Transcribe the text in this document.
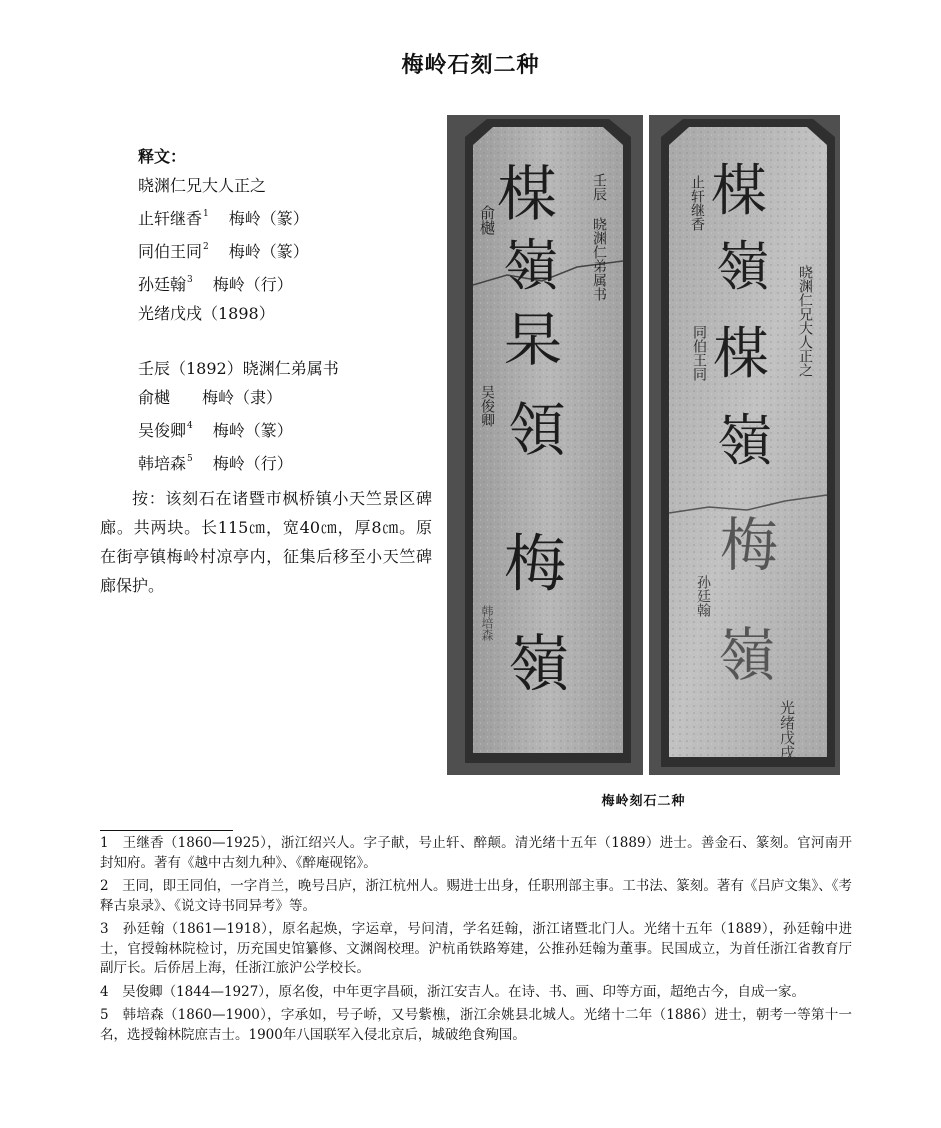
梅岭石刻二种
释文：
晓渊仁兄大人正之
止轩继香$^1$ 梅岭（篆）
同伯王同$^2$ 梅岭（篆）
孙廷翰$^3$ 梅岭（行）
光绪戊戌（1898）
壬辰（1892）晓渊仁弟属书
俞樾 梅岭（隶）
吴俊卿$^4$ 梅岭（篆）
韩培森$^5$ 梅岭（行）
按：该刻石在诸暨市枫桥镇小天竺景区碑廊。共两块。长115㎝，宽40㎝，厚8㎝。原在街亭镇梅岭村凉亭内，征集后移至小天竺碑廊保护。
楳
嶺
杲
領
梅
嶺
壬辰 晓渊仁弟属书
俞樾
吴俊卿
韩培森
楳
嶺
楳
嶺
梅
嶺
止轩继香
同伯王同	晓渊仁兄大人正之
孙廷翰
光绪戊戌
梅岭刻石二种

1　王继香（1860—1925），浙江绍兴人。字子献，号止轩、醉颠。清光绪十五年（1889）进士。善金石、篆刻。官河南开封知府。著有《越中古刻九种》、《醉庵砚铭》。

2　王同，即王同伯，一字肖兰，晚号吕庐，浙江杭州人。赐进士出身，任职刑部主事。工书法、篆刻。著有《吕庐文集》、《考释古泉录》、《说文诗书同异考》等。

3　孙廷翰（1861—1918），原名起焕，字运章，号问清，学名廷翰，浙江诸暨北门人。光绪十五年（1889），孙廷翰中进士，官授翰林院检讨，历充国史馆纂修、文渊阁校理。沪杭甬铁路筹建，公推孙廷翰为董事。民国成立，为首任浙江省教育厅副厅长。后侨居上海，任浙江旅沪公学校长。

4　吴俊卿（1844—1927），原名俊，中年更字昌硕，浙江安吉人。在诗、书、画、印等方面，超绝古今，自成一家。

5　韩培森（1860—1900），字承如，号子峤，又号紫樵，浙江余姚县北城人。光绪十二年（1886）进士，朝考一等第十一名，选授翰林院庶吉士。1900年八国联军入侵北京后，城破绝食殉国。
